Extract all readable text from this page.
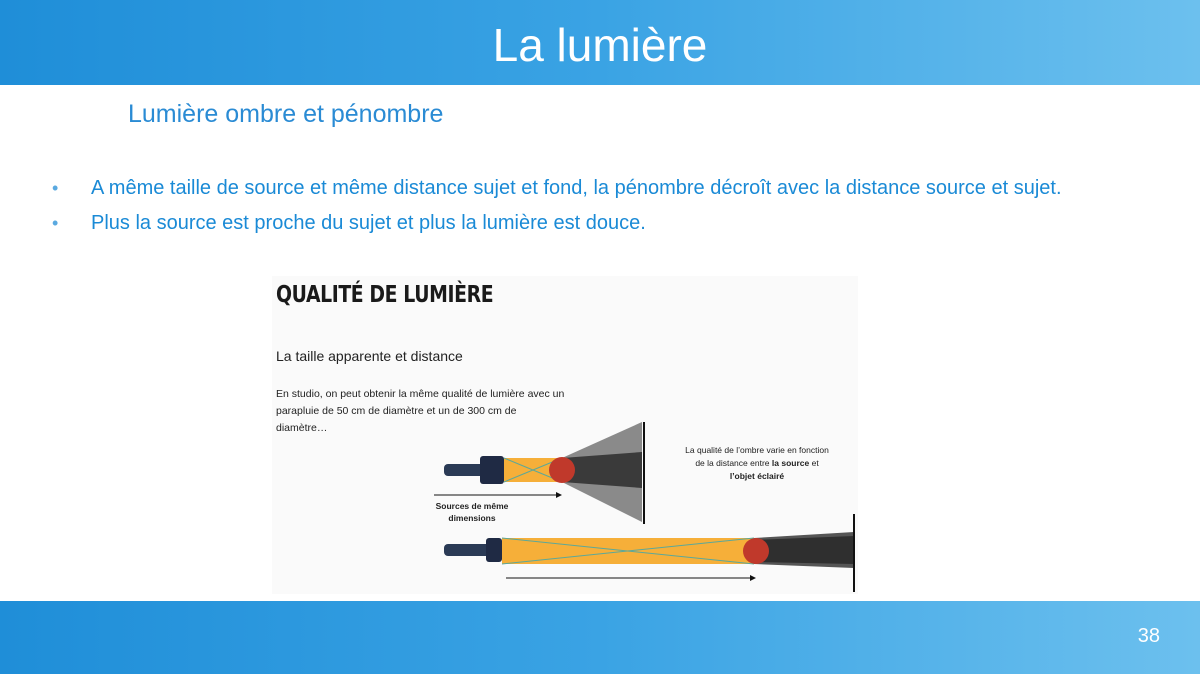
La lumière
Lumière ombre et pénombre
• A même taille de source et même distance sujet et fond, la pénombre décroît avec la distance source et sujet.
• Plus la source est proche du sujet et plus la lumière est douce.
QUALITÉ DE LUMIÈRE
La taille apparente et distance
En studio, on peut obtenir la même qualité de lumière avec un parapluie de 50 cm de diamètre et un de 300 cm de diamètre…
La qualité de l’ombre varie en fonction de la distance entre la source et l’objet éclairé
Sources de même dimensions
38
